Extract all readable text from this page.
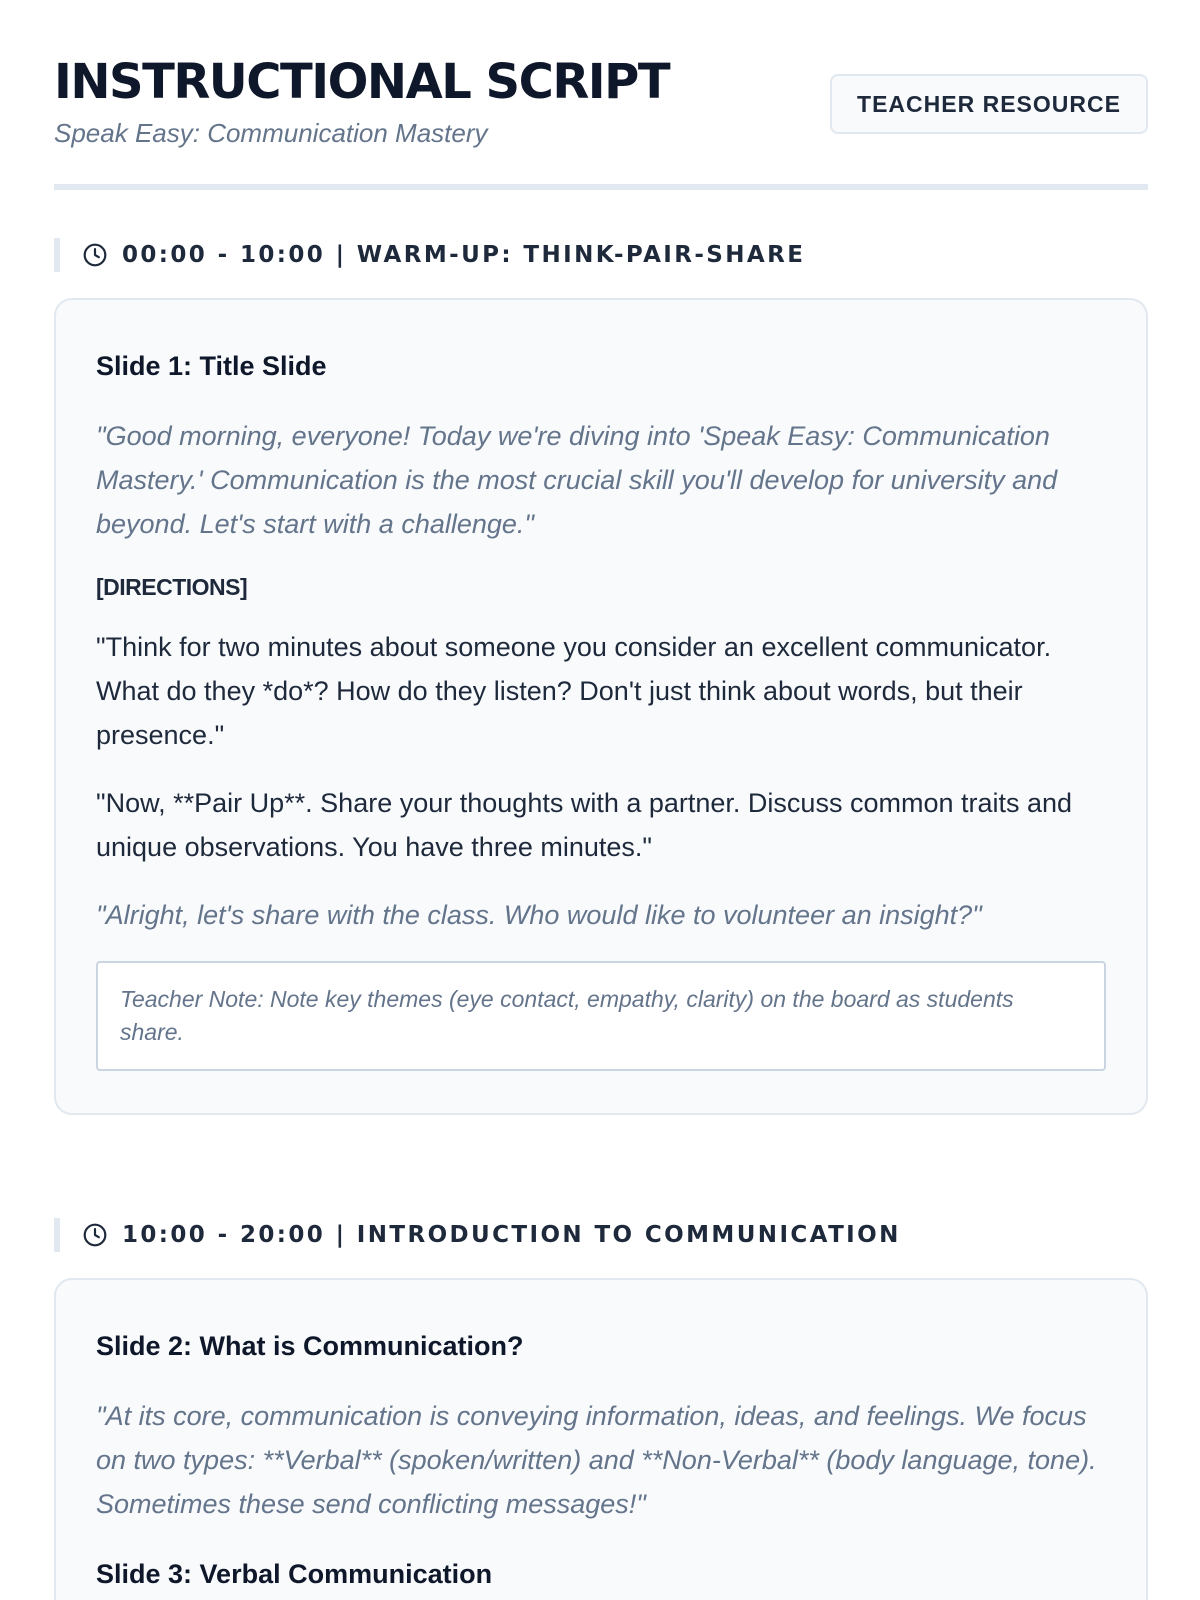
INSTRUCTIONAL SCRIPT
Speak Easy: Communication Mastery
TEACHER RESOURCE
00:00 - 10:00 | WARM-UP: THINK-PAIR-SHARE
Slide 1: Title Slide
"Good morning, everyone! Today we're diving into 'Speak Easy: Communication Mastery.' Communication is the most crucial skill you'll develop for university and beyond. Let's start with a challenge."
[DIRECTIONS]
"Think for two minutes about someone you consider an excellent communicator. What do they *do*? How do they listen? Don't just think about words, but their presence."
"Now, **Pair Up**. Share your thoughts with a partner. Discuss common traits and unique observations. You have three minutes."
"Alright, let's share with the class. Who would like to volunteer an insight?"
Teacher Note: Note key themes (eye contact, empathy, clarity) on the board as students share.
10:00 - 20:00 | INTRODUCTION TO COMMUNICATION
Slide 2: What is Communication?
"At its core, communication is conveying information, ideas, and feelings. We focus on two types: **Verbal** (spoken/written) and **Non-Verbal** (body language, tone). Sometimes these send conflicting messages!"
Slide 3: Verbal Communication
